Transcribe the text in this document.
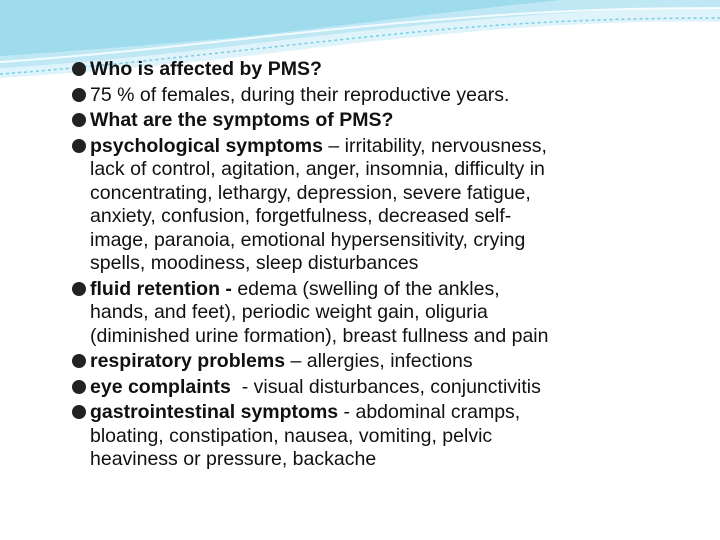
Who is affected by PMS?
75 % of females, during their reproductive years.
What are the symptoms of PMS?
psychological symptoms – irritability, nervousness,
lack of control, agitation, anger, insomnia, difficulty in
concentrating, lethargy, depression, severe fatigue,
anxiety, confusion, forgetfulness, decreased self-
image, paranoia, emotional hypersensitivity, crying
spells, moodiness, sleep disturbances
fluid retention - edema (swelling of the ankles,
hands, and feet), periodic weight gain, oliguria
(diminished urine formation), breast fullness and pain
respiratory problems – allergies, infections
eye complaints  - visual disturbances, conjunctivitis
gastrointestinal symptoms - abdominal cramps,
bloating, constipation, nausea, vomiting, pelvic
heaviness or pressure, backache
